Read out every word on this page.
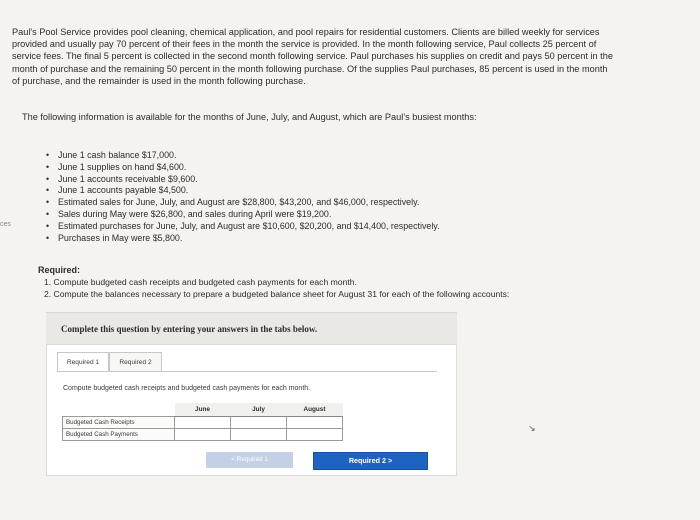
ces
Paul's Pool Service provides pool cleaning, chemical application, and pool repairs for residential customers. Clients are billed weekly for services provided and usually pay 70 percent of their fees in the month the service is provided. In the month following service, Paul collects 25 percent of service fees. The final 5 percent is collected in the second month following service. Paul purchases his supplies on credit and pays 50 percent in the month of purchase and the remaining 50 percent in the month following purchase. Of the supplies Paul purchases, 85 percent is used in the month of purchase, and the remainder is used in the month following purchase.
The following information is available for the months of June, July, and August, which are Paul's busiest months:
• June 1 cash balance $17,000.
• June 1 supplies on hand $4,600.
• June 1 accounts receivable $9,600.
• June 1 accounts payable $4,500.
• Estimated sales for June, July, and August are $28,800, $43,200, and $46,000, respectively.
• Sales during May were $26,800, and sales during April were $19,200.
• Estimated purchases for June, July, and August are $10,600, $20,200, and $14,400, respectively.
• Purchases in May were $5,800.
Required:
1. Compute budgeted cash receipts and budgeted cash payments for each month.
2. Compute the balances necessary to prepare a budgeted balance sheet for August 31 for each of the following accounts:
Complete this question by entering your answers in the tabs below.
Required 1	Required 2
Compute budgeted cash receipts and budgeted cash payments for each month.
	June	July	August
Budgeted Cash Receipts			
Budgeted Cash Payments			
< Required 1	Required 2 >
↘
